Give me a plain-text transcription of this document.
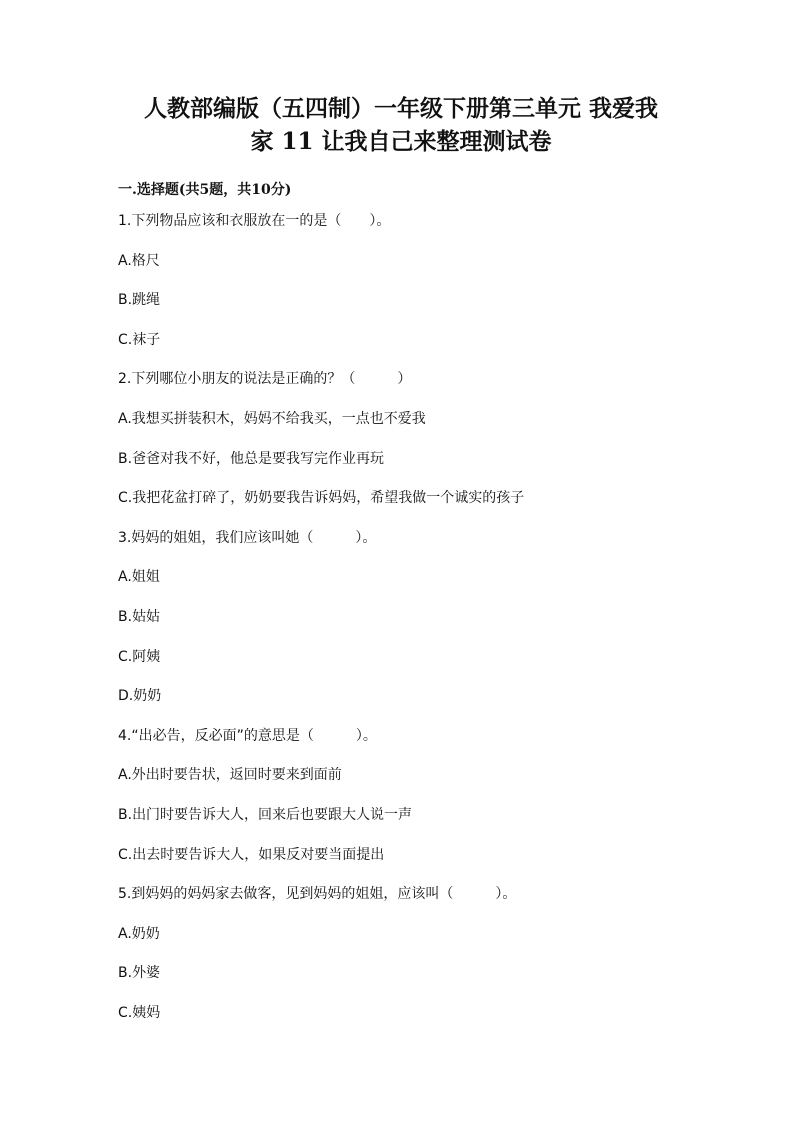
人教部编版（五四制）一年级下册第三单元 我爱我
家 11 让我自己来整理测试卷
一.选择题(共5题，共10分)
1.下列物品应该和衣服放在一的是（　　）。
A.格尺
B.跳绳
C.袜子
2.下列哪位小朋友的说法是正确的？（　　　）
A.我想买拼装积木，妈妈不给我买，一点也不爱我
B.爸爸对我不好，他总是要我写完作业再玩
C.我把花盆打碎了，奶奶要我告诉妈妈，希望我做一个诚实的孩子
3.妈妈的姐姐，我们应该叫她（　　　）。
A.姐姐
B.姑姑
C.阿姨
D.奶奶
4.“出必告，反必面”的意思是（　　　）。
A.外出时要告状，返回时要来到面前
B.出门时要告诉大人，回来后也要跟大人说一声
C.出去时要告诉大人，如果反对要当面提出
5.到妈妈的妈妈家去做客，见到妈妈的姐姐，应该叫（　　　）。
A.奶奶
B.外婆
C.姨妈
